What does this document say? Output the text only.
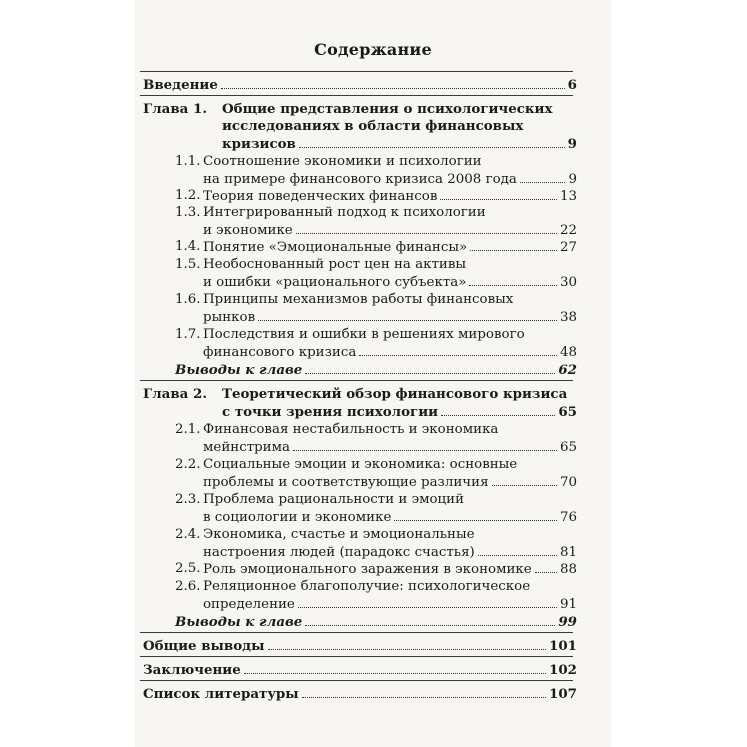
Содержание
Введение	6
Глава 1.	Общие представления о психологических
исследованиях в области финансовых
кризисов	9
1.1. Соотношение экономики и психологии
на примере финансового кризиса 2008 года	9
1.2. Теория поведенческих финансов	13
1.3. Интегрированный подход к психологии
и экономике	22
1.4. Понятие «Эмоциональные финансы»	27
1.5. Необоснованный рост цен на активы
и ошибки «рационального субъекта»	30
1.6. Принципы механизмов работы финансовых
рынков	38
1.7. Последствия и ошибки в решениях мирового
финансового кризиса	48
Выводы к главе	62
Глава 2.	Теоретический обзор финансового кризиса
с точки зрения психологии	65
2.1. Финансовая нестабильность и экономика
мейнстрима	65
2.2. Социальные эмоции и экономика: основные
проблемы и соответствующие различия	70
2.3. Проблема рациональности и эмоций
в социологии и экономике	76
2.4. Экономика, счастье и эмоциональные
настроения людей (парадокс счастья)	81
2.5. Роль эмоционального заражения в экономике 88
2.6. Реляционное благополучие: психологическое
определение	91
Выводы к главе	99
Общие выводы	101
Заключение	102
Список литературы	107
